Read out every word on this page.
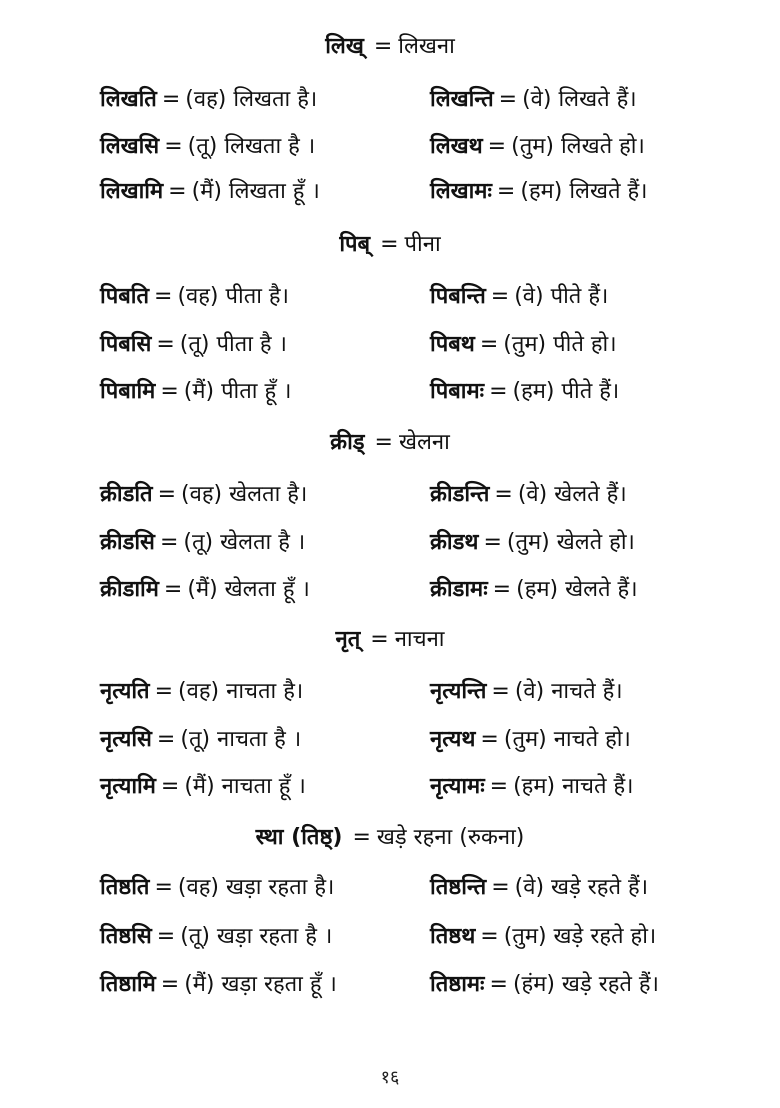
लिख् = लिखना
लिखति = (वह) लिखता है।	लिखन्ति = (वे) लिखते हैं।
लिखसि = (तू) लिखता है ।	लिखथ = (तुम) लिखते हो।
लिखामि = (मैं) लिखता हूँ ।	लिखामः = (हम) लिखते हैं।
पिब् = पीना
पिबति = (वह) पीता है।	पिबन्ति = (वे) पीते हैं।
पिबसि = (तू) पीता है ।	पिबथ = (तुम) पीते हो।
पिबामि = (मैं) पीता हूँ ।	पिबामः = (हम) पीते हैं।
क्रीड् = खेलना
क्रीडति = (वह) खेलता है।	क्रीडन्ति = (वे) खेलते हैं।
क्रीडसि = (तू) खेलता है ।	क्रीडथ = (तुम) खेलते हो।
क्रीडामि = (मैं) खेलता हूँ ।	क्रीडामः = (हम) खेलते हैं।
नृत् = नाचना
नृत्यति = (वह) नाचता है।	नृत्यन्ति = (वे) नाचते हैं।
नृत्यसि = (तू) नाचता है ।	नृत्यथ = (तुम) नाचते हो।
नृत्यामि = (मैं) नाचता हूँ ।	नृत्यामः = (हम) नाचते हैं।
स्था (तिष्ठ्) = खड़े रहना (रुकना)
तिष्ठति = (वह) खड़ा रहता है।	तिष्ठन्ति = (वे) खड़े रहते हैं।
तिष्ठसि = (तू) खड़ा रहता है ।	तिष्ठथ = (तुम) खड़े रहते हो।
तिष्ठामि = (मैं) खड़ा रहता हूँ ।	तिष्ठामः = (हंम) खड़े रहते हैं।
१६
